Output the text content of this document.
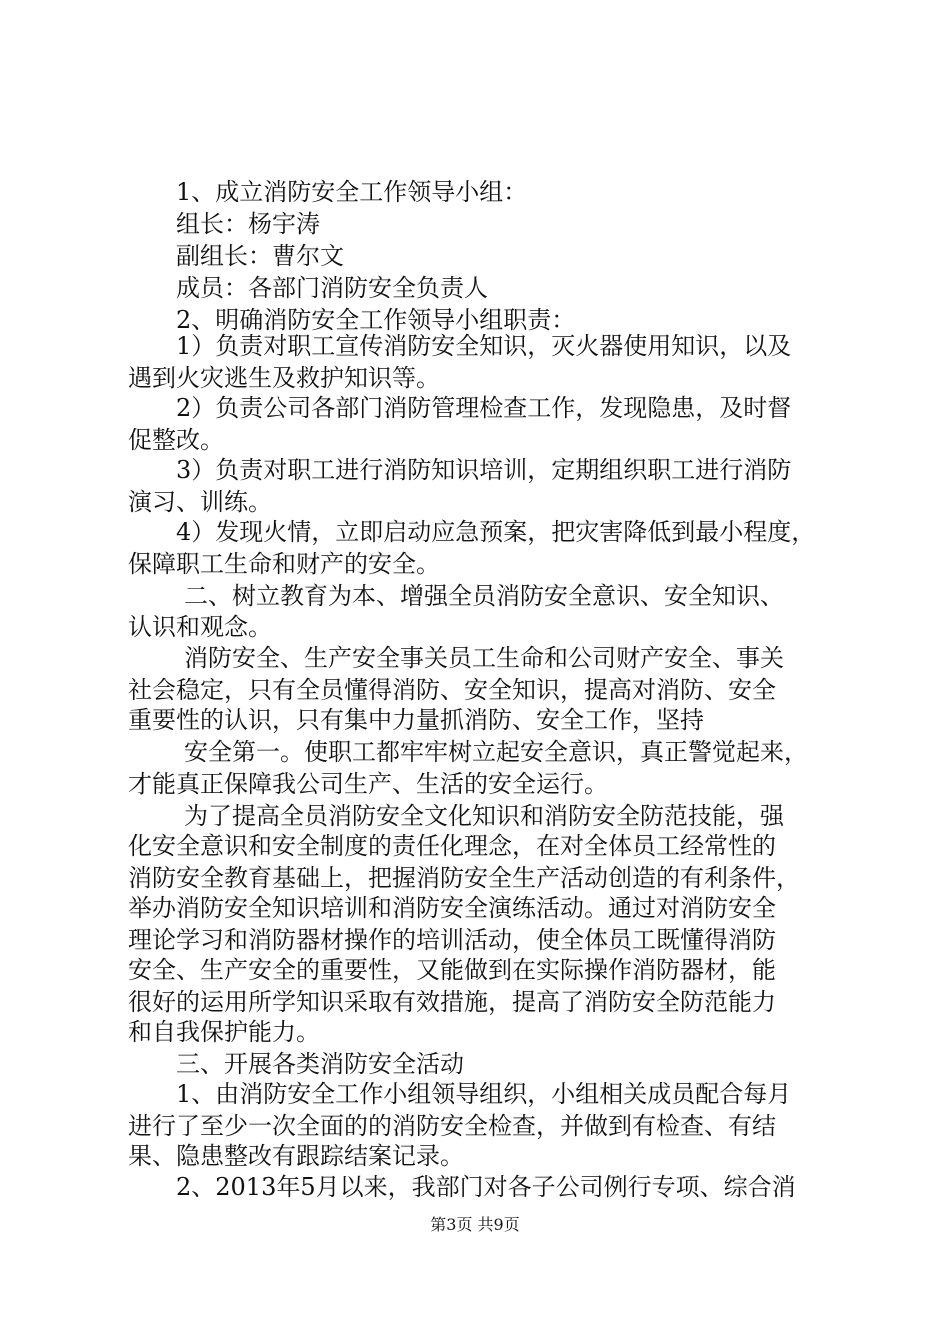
1、成立消防安全工作领导小组：
组长：杨宇涛
副组长：曹尔文
成员：各部门消防安全负责人
2、明确消防安全工作领导小组职责：
1）负责对职工宣传消防安全知识，灭火器使用知识，以及
遇到火灾逃生及救护知识等。
2）负责公司各部门消防管理检查工作，发现隐患，及时督
促整改。
3）负责对职工进行消防知识培训，定期组织职工进行消防
演习、训练。
4）发现火情，立即启动应急预案，把灾害降低到最小程度，
保障职工生命和财产的安全。
二、树立教育为本、增强全员消防安全意识、安全知识、
认识和观念。
消防安全、生产安全事关员工生命和公司财产安全、事关
社会稳定，只有全员懂得消防、安全知识，提高对消防、安全
重要性的认识，只有集中力量抓消防、安全工作，坚持
安全第一。使职工都牢牢树立起安全意识，真正警觉起来，
才能真正保障我公司生产、生活的安全运行。
为了提高全员消防安全文化知识和消防安全防范技能，强
化安全意识和安全制度的责任化理念，在对全体员工经常性的
消防安全教育基础上，把握消防安全生产活动创造的有利条件，
举办消防安全知识培训和消防安全演练活动。通过对消防安全
理论学习和消防器材操作的培训活动，使全体员工既懂得消防
安全、生产安全的重要性，又能做到在实际操作消防器材，能
很好的运用所学知识采取有效措施，提高了消防安全防范能力
和自我保护能力。
三、开展各类消防安全活动
1、由消防安全工作小组领导组织，小组相关成员配合每月
进行了至少一次全面的的消防安全检查，并做到有检查、有结
果、隐患整改有跟踪结案记录。
2、2013年5月以来，我部门对各子公司例行专项、综合消
第3页 共9页
